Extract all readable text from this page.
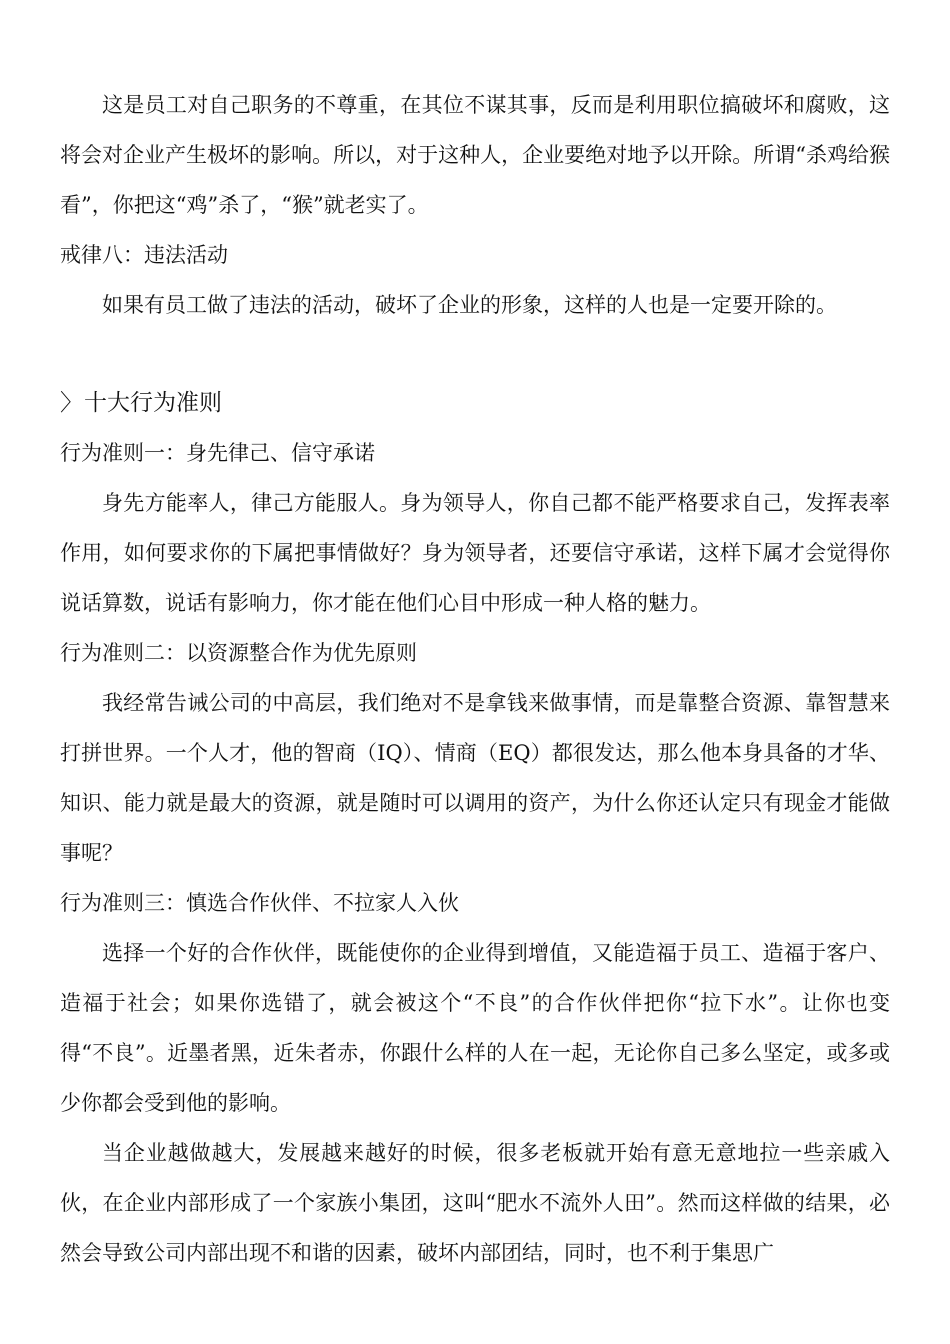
这是员工对自己职务的不尊重，在其位不谋其事，反而是利用职位搞破坏和腐败，这将会对企业产生极坏的影响。所以，对于这种人，企业要绝对地予以开除。所谓“杀鸡给猴看”，你把这“鸡”杀了，“猴”就老实了。

戒律八：违法活动

如果有员工做了违法的活动，破坏了企业的形象，这样的人也是一定要开除的。

〉十大行为准则

行为准则一：身先律己、信守承诺

身先方能率人，律己方能服人。身为领导人，你自己都不能严格要求自己，发挥表率作用，如何要求你的下属把事情做好？身为领导者，还要信守承诺，这样下属才会觉得你说话算数，说话有影响力，你才能在他们心目中形成一种人格的魅力。

行为准则二：以资源整合作为优先原则

我经常告诫公司的中高层，我们绝对不是拿钱来做事情，而是靠整合资源、靠智慧来打拼世界。一个人才，他的智商（IQ）、情商（EQ）都很发达，那么他本身具备的才华、知识、能力就是最大的资源，就是随时可以调用的资产，为什么你还认定只有现金才能做事呢？

行为准则三：慎选合作伙伴、不拉家人入伙

选择一个好的合作伙伴，既能使你的企业得到增值，又能造福于员工、造福于客户、造福于社会；如果你选错了，就会被这个“不良”的合作伙伴把你“拉下水”。让你也变得“不良”。近墨者黑，近朱者赤，你跟什么样的人在一起，无论你自己多么坚定，或多或少你都会受到他的影响。

当企业越做越大，发展越来越好的时候，很多老板就开始有意无意地拉一些亲戚入伙，在企业内部形成了一个家族小集团，这叫“肥水不流外人田”。然而这样做的结果，必然会导致公司内部出现不和谐的因素，破坏内部团结，同时，也不利于集思广
